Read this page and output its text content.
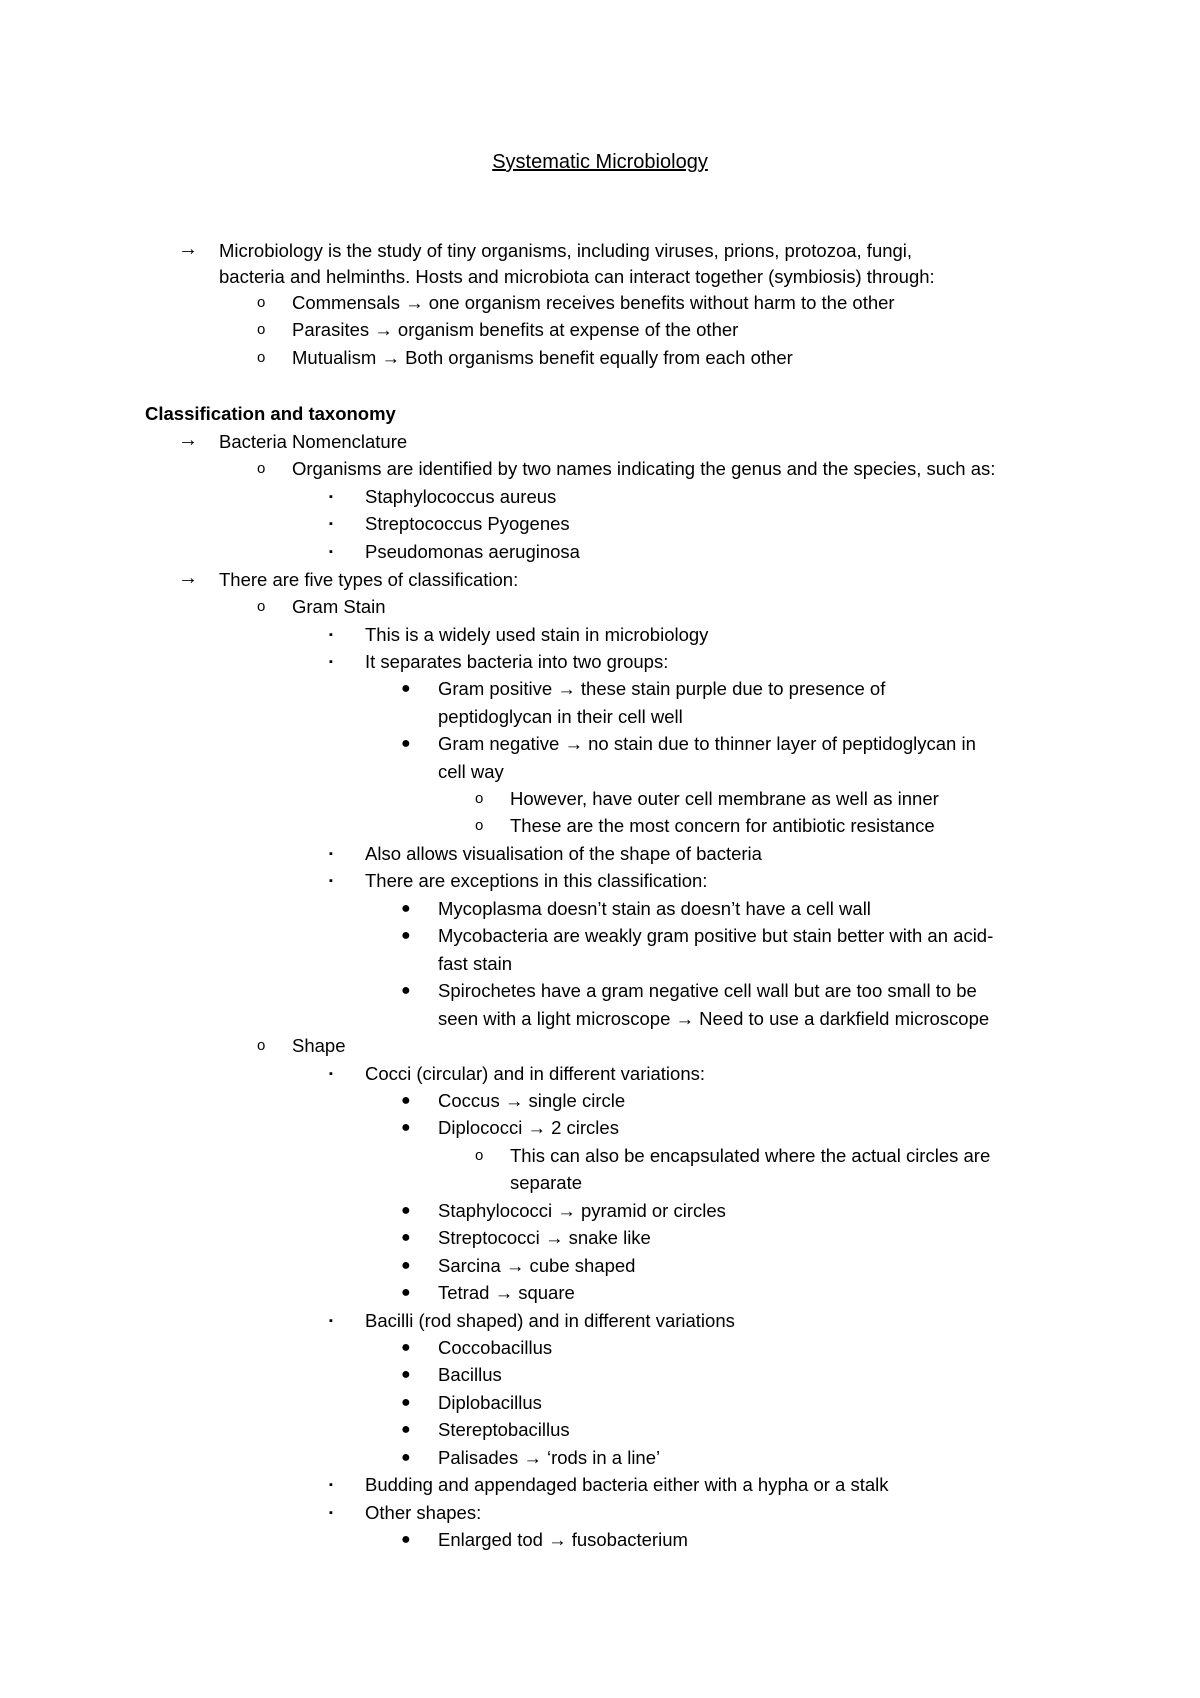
Systematic Microbiology
→ Microbiology is the study of tiny organisms, including viruses, prions, protozoa, fungi,
bacteria and helminths. Hosts and microbiota can interact together (symbiosis) through:
o Commensals → one organism receives benefits without harm to the other
o Parasites → organism benefits at expense of the other
o Mutualism → Both organisms benefit equally from each other
Classification and taxonomy
→ Bacteria Nomenclature
o Organisms are identified by two names indicating the genus and the species, such as:
▪ Staphylococcus aureus
▪ Streptococcus Pyogenes
▪ Pseudomonas aeruginosa
→ There are five types of classification:
o Gram Stain
▪ This is a widely used stain in microbiology
▪ It separates bacteria into two groups:
● Gram positive → these stain purple due to presence of
peptidoglycan in their cell well
● Gram negative → no stain due to thinner layer of peptidoglycan in
cell way
o However, have outer cell membrane as well as inner
o These are the most concern for antibiotic resistance
▪ Also allows visualisation of the shape of bacteria
▪ There are exceptions in this classification:
● Mycoplasma doesn’t stain as doesn’t have a cell wall
● Mycobacteria are weakly gram positive but stain better with an acid-
fast stain
● Spirochetes have a gram negative cell wall but are too small to be
seen with a light microscope → Need to use a darkfield microscope
o Shape
▪ Cocci (circular) and in different variations:
● Coccus → single circle
● Diplococci → 2 circles
o This can also be encapsulated where the actual circles are
separate
● Staphylococci → pyramid or circles
● Streptococci → snake like
● Sarcina → cube shaped
● Tetrad → square
▪ Bacilli (rod shaped) and in different variations
● Coccobacillus
● Bacillus
● Diplobacillus
● Stereptobacillus
● Palisades → ‘rods in a line’
▪ Budding and appendaged bacteria either with a hypha or a stalk
▪ Other shapes:
● Enlarged tod → fusobacterium
